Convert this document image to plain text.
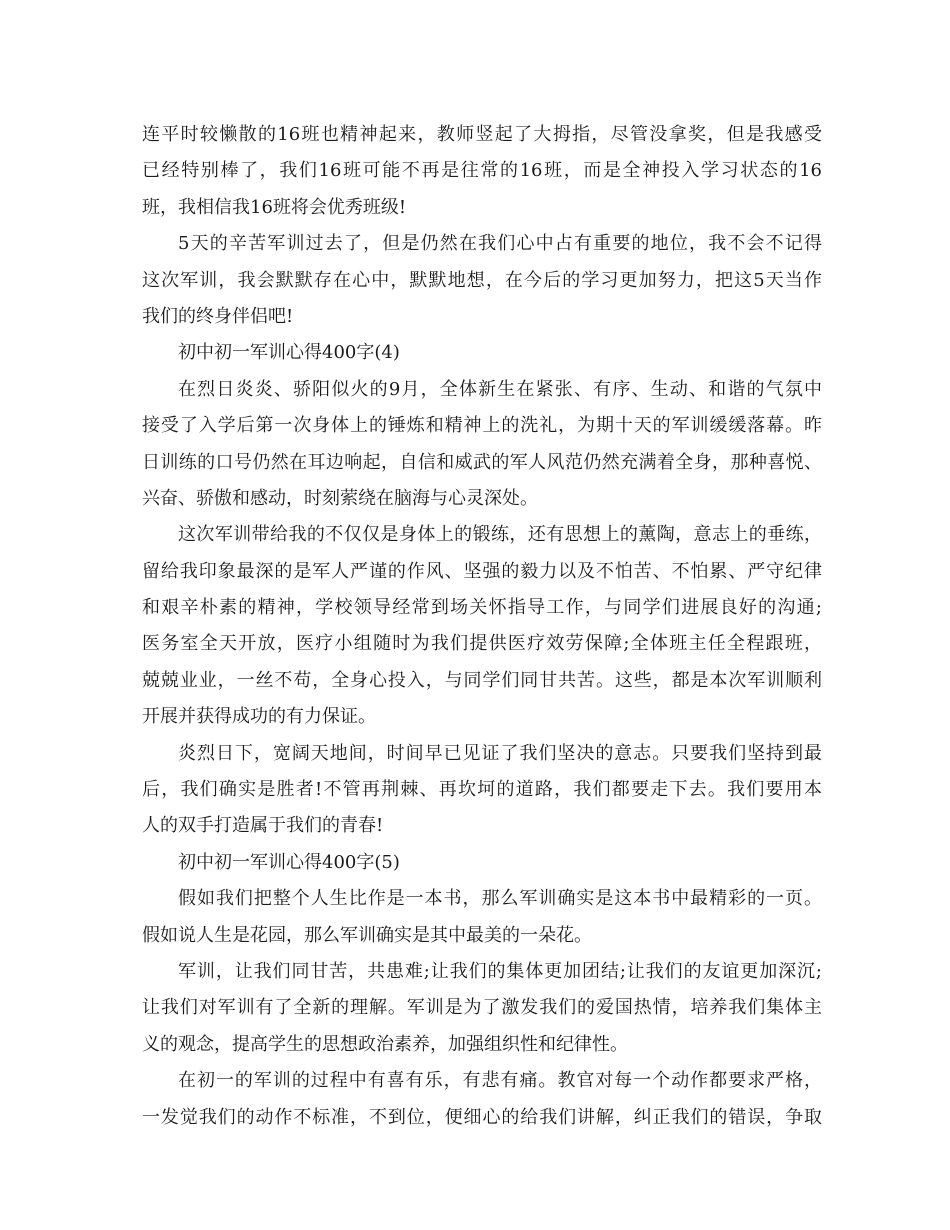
连平时较懒散的16班也精神起来，教师竖起了大拇指，尽管没拿奖，但是我感受
已经特别棒了，我们16班可能不再是往常的16班，而是全神投入学习状态的16
班，我相信我16班将会优秀班级!
5天的辛苦军训过去了，但是仍然在我们心中占有重要的地位，我不会不记得
这次军训，我会默默存在心中，默默地想，在今后的学习更加努力，把这5天当作
我们的终身伴侣吧!
初中初一军训心得400字(4)
在烈日炎炎、骄阳似火的9月，全体新生在紧张、有序、生动、和谐的气氛中
接受了入学后第一次身体上的锤炼和精神上的洗礼，为期十天的军训缓缓落幕。昨
日训练的口号仍然在耳边响起，自信和威武的军人风范仍然充满着全身，那种喜悦、
兴奋、骄傲和感动，时刻萦绕在脑海与心灵深处。
这次军训带给我的不仅仅是身体上的锻练，还有思想上的薰陶，意志上的垂练，
留给我印象最深的是军人严谨的作风、坚强的毅力以及不怕苦、不怕累、严守纪律
和艰辛朴素的精神，学校领导经常到场关怀指导工作，与同学们进展良好的沟通;
医务室全天开放，医疗小组随时为我们提供医疗效劳保障;全体班主任全程跟班，
兢兢业业，一丝不苟，全身心投入，与同学们同甘共苦。这些，都是本次军训顺利
开展并获得成功的有力保证。
炎烈日下，宽阔天地间，时间早已见证了我们坚决的意志。只要我们坚持到最
后，我们确实是胜者!不管再荆棘、再坎坷的道路，我们都要走下去。我们要用本
人的双手打造属于我们的青春!
初中初一军训心得400字(5)
假如我们把整个人生比作是一本书，那么军训确实是这本书中最精彩的一页。
假如说人生是花园，那么军训确实是其中最美的一朵花。
军训，让我们同甘苦，共患难;让我们的集体更加团结;让我们的友谊更加深沉;
让我们对军训有了全新的理解。军训是为了激发我们的爱国热情，培养我们集体主
义的观念，提高学生的思想政治素养，加强组织性和纪律性。
在初一的军训的过程中有喜有乐，有悲有痛。教官对每一个动作都要求严格，
一发觉我们的动作不标准，不到位，便细心的给我们讲解，纠正我们的错误，争取
